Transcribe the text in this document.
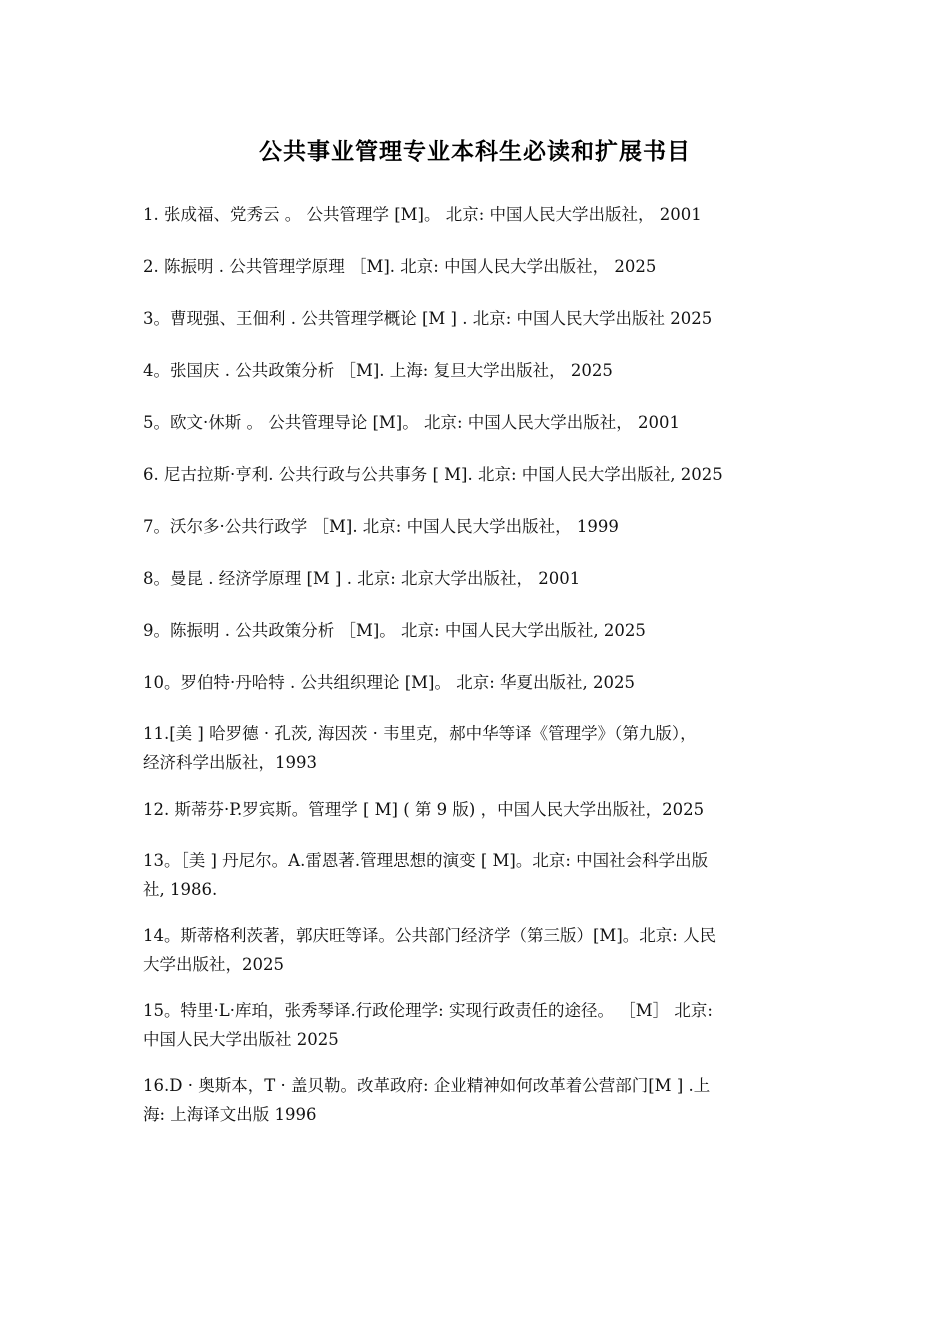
公共事业管理专业本科生必读和扩展书目
1. 张成福、党秀云 。 公共管理学 [M]。 北京: 中国人民大学出版社， 2001
2. 陈振明 . 公共管理学原理 ［M]. 北京: 中国人民大学出版社， 2025
3。曹现强、王佃利 . 公共管理学概论 [M ] . 北京: 中国人民大学出版社 2025
4。张国庆 . 公共政策分析 ［M]. 上海: 复旦大学出版社， 2025
5。欧文·休斯 。 公共管理导论 [M]。 北京: 中国人民大学出版社， 2001
6. 尼古拉斯·亨利. 公共行政与公共事务 [ M]. 北京: 中国人民大学出版社, 2025
7。沃尔多·公共行政学 ［M]. 北京: 中国人民大学出版社， 1999
8。曼昆 . 经济学原理 [M ] . 北京: 北京大学出版社， 2001
9。陈振明 . 公共政策分析 ［M]。 北京: 中国人民大学出版社, 2025
10。罗伯特·丹哈特 . 公共组织理论 [M]。 北京: 华夏出版社, 2025
11.[美 ] 哈罗德 · 孔茨, 海因茨 · 韦里克，郝中华等译《管理学》（第九版），
经济科学出版社，1993
12. 斯蒂芬·P.罗宾斯。管理学 [ M] ( 第 9 版) ，中国人民大学出版社，2025
13。［美 ] 丹尼尔。A.雷恩著.管理思想的演变 [ M]。北京: 中国社会科学出版
社, 1986.
14。斯蒂格利茨著，郭庆旺等译。公共部门经济学（第三版）[M]。北京: 人民
大学出版社，2025
15。特里·L·库珀，张秀琴译.行政伦理学: 实现行政责任的途径。 ［M］ 北京:
中国人民大学出版社 2025
16.D · 奥斯本，T · 盖贝勒。改革政府: 企业精神如何改革着公营部门[M ] .上
海: 上海译文出版 1996
